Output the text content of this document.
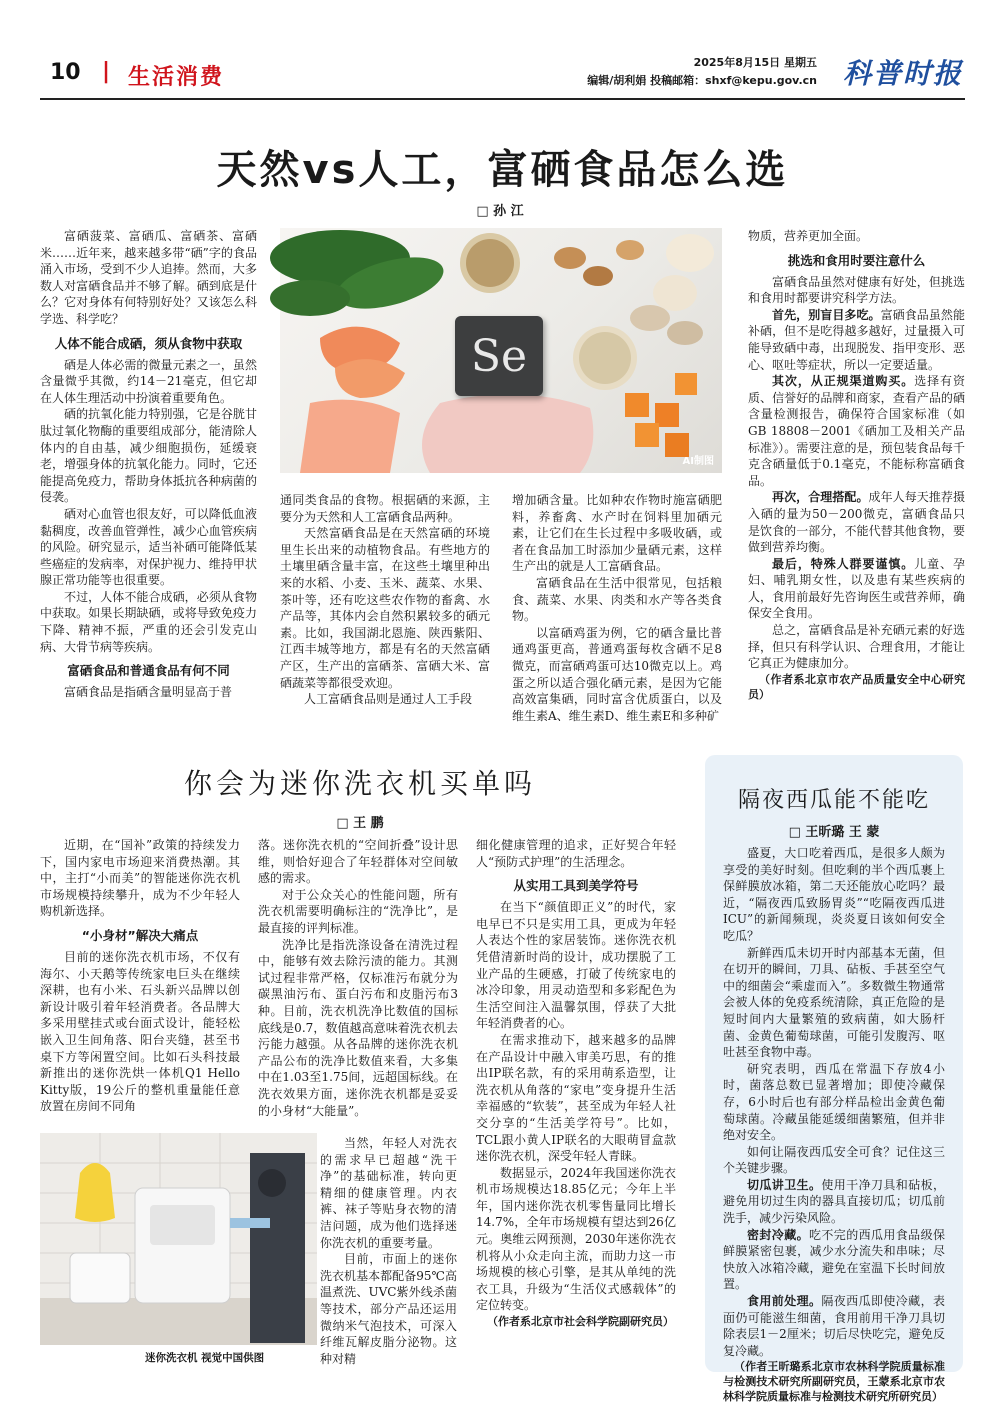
10 | 生活消费
2025年8月15日 星期五
编辑/胡利娟 投稿邮箱：shxf@kepu.gov.cn 科普时报
天然vs人工，富硒食品怎么选
□ 孙 江

富硒菠菜、富硒瓜、富硒茶、富硒米……近年来，越来越多带“硒”字的食品涌入市场，受到不少人追捧。然而，大多数人对富硒食品并不够了解。硒到底是什么？它对身体有何特别好处？又该怎么科学选、科学吃？

人体不能合成硒，须从食物中获取

硒是人体必需的微量元素之一，虽然含量微乎其微，约14－21毫克，但它却在人体生理活动中扮演着重要角色。

硒的抗氧化能力特别强，它是谷胱甘肽过氧化物酶的重要组成部分，能清除人体内的自由基，减少细胞损伤，延缓衰老，增强身体的抗氧化能力。同时，它还能提高免疫力，帮助身体抵抗各种病菌的侵袭。

硒对心血管也很友好，可以降低血液黏稠度，改善血管弹性，减少心血管疾病的风险。研究显示，适当补硒可能降低某些癌症的发病率，对保护视力、维持甲状腺正常功能等也很重要。

不过，人体不能合成硒，必须从食物中获取。如果长期缺硒，或将导致免疫力下降、精神不振，严重的还会引发克山病、大骨节病等疾病。

富硒食品和普通食品有何不同

富硒食品是指硒含量明显高于普

Se
AI制图

通同类食品的食物。根据硒的来源，主要分为天然和人工富硒食品两种。

天然富硒食品是在天然富硒的环境里生长出来的动植物食品。有些地方的土壤里硒含量丰富，在这些土壤里种出来的水稻、小麦、玉米、蔬菜、水果、茶叶等，还有吃这些农作物的畜禽、水产品等，其体内会自然积累较多的硒元素。比如，我国湖北恩施、陕西紫阳、江西丰城等地方，都是有名的天然富硒产区，生产出的富硒茶、富硒大米、富硒蔬菜等都很受欢迎。

人工富硒食品则是通过人工手段

增加硒含量。比如种农作物时施富硒肥料，养畜禽、水产时在饲料里加硒元素，让它们在生长过程中多吸收硒，或者在食品加工时添加少量硒元素，这样生产出的就是人工富硒食品。

富硒食品在生活中很常见，包括粮食、蔬菜、水果、肉类和水产等各类食物。

以富硒鸡蛋为例，它的硒含量比普通鸡蛋更高，普通鸡蛋每枚含硒不足8微克，而富硒鸡蛋可达10微克以上。鸡蛋之所以适合强化硒元素，是因为它能高效富集硒，同时富含优质蛋白，以及维生素A、维生素D、维生素E和多种矿

物质，营养更加全面。

挑选和食用时要注意什么

富硒食品虽然对健康有好处，但挑选和食用时都要讲究科学方法。

首先，别盲目多吃。富硒食品虽然能补硒，但不是吃得越多越好，过量摄入可能导致硒中毒，出现脱发、指甲变形、恶心、呕吐等症状，所以一定要适量。

其次，从正规渠道购买。选择有资质、信誉好的品牌和商家，查看产品的硒含量检测报告，确保符合国家标准（如GB 18808－2001《硒加工及相关产品标准》）。需要注意的是，预包装食品每千克含硒量低于0.1毫克，不能标称富硒食品。

再次，合理搭配。成年人每天推荐摄入硒的量为50－200微克，富硒食品只是饮食的一部分，不能代替其他食物，要做到营养均衡。

最后，特殊人群要谨慎。儿童、孕妇、哺乳期女性，以及患有某些疾病的人，食用前最好先咨询医生或营养师，确保安全食用。

总之，富硒食品是补充硒元素的好选择，但只有科学认识、合理食用，才能让它真正为健康加分。

（作者系北京市农产品质量安全中心研究员）

你会为迷你洗衣机买单吗
□ 王 鹏

近期，在“国补”政策的持续发力下，国内家电市场迎来消费热潮。其中，主打“小而美”的智能迷你洗衣机市场规模持续攀升，成为不少年轻人购机新选择。

“小身材”解决大痛点

目前的迷你洗衣机市场，不仅有海尔、小天鹅等传统家电巨头在继续深耕，也有小米、石头新兴品牌以创新设计吸引着年轻消费者。各品牌大多采用壁挂式或台面式设计，能轻松嵌入卫生间角落、阳台夹缝，甚至书桌下方等闲置空间。比如石头科技最新推出的迷你洗烘一体机Q1 Hello Kitty版，19公斤的整机重量能任意放置在房间不同角

落。迷你洗衣机的“空间折叠”设计思维，则恰好迎合了年轻群体对空间敏感的需求。

对于公众关心的性能问题，所有洗衣机需要明确标注的“洗净比”，是最直接的评判标准。

洗净比是指洗涤设备在清洗过程中，能够有效去除污渍的能力。其测试过程非常严格，仅标准污布就分为碳黑油污布、蛋白污布和皮脂污布3种。目前，洗衣机洗净比数值的国标底线是0.7，数值越高意味着洗衣机去污能力越强。从各品牌的迷你洗衣机产品公布的洗净比数值来看，大多集中在1.03至1.75间，远超国标线。在洗衣效果方面，迷你洗衣机都是妥妥的小身材“大能量”。

当然，年轻人对洗衣的需求早已超越“洗干净”的基础标准，转向更精细的健康管理。内衣裤、袜子等贴身衣物的清洁问题，成为他们选择迷你洗衣机的重要考量。

目前，市面上的迷你洗衣机基本都配备95℃高温煮洗、UVC紫外线杀菌等技术，部分产品还运用微纳米气泡技术，可深入纤维瓦解皮脂分泌物。这种对精

细化健康管理的追求，正好契合年轻人“预防式护理”的生活理念。

从实用工具到美学符号

在当下“颜值即正义”的时代，家电早已不只是实用工具，更成为年轻人表达个性的家居装饰。迷你洗衣机凭借清新时尚的设计，成功摆脱了工业产品的生硬感，打破了传统家电的冰冷印象，用灵动造型和多彩配色为生活空间注入温馨氛围，俘获了大批年轻消费者的心。

在需求推动下，越来越多的品牌在产品设计中融入审美巧思，有的推出IP联名款，有的采用萌系造型，让洗衣机从角落的“家电”变身提升生活幸福感的“软装”，甚至成为年轻人社交分享的“生活美学符号”。比如，TCL跟小黄人IP联名的大眼萌冒盒款迷你洗衣机，深受年轻人青睐。

数据显示，2024年我国迷你洗衣机市场规模达18.85亿元；今年上半年，国内迷你洗衣机零售量同比增长14.7%，全年市场规模有望达到26亿元。奥维云网预测，2030年迷你洗衣机将从小众走向主流，而助力这一市场规模的核心引擎，是其从单纯的洗衣工具，升级为“生活仪式感载体”的定位转变。

（作者系北京市社会科学院副研究员）

迷你洗衣机 视觉中国供图
隔夜西瓜能不能吃
□ 王昕璐 王 蒙

盛夏，大口吃着西瓜，是很多人颇为享受的美好时刻。但吃剩的半个西瓜裹上保鲜膜放冰箱，第二天还能放心吃吗？最近，“隔夜西瓜致肠胃炎”“吃隔夜西瓜进ICU”的新闻频现，炎炎夏日该如何安全吃瓜？

新鲜西瓜未切开时内部基本无菌，但在切开的瞬间，刀具、砧板、手甚至空气中的细菌会“乘虚而入”。多数微生物通常会被人体的免疫系统清除，真正危险的是短时间内大量繁殖的致病菌，如大肠杆菌、金黄色葡萄球菌，可能引发腹泻、呕吐甚至食物中毒。

研究表明，西瓜在常温下存放4小时，菌落总数已显著增加；即使冷藏保存，6小时后也有部分样品检出金黄色葡萄球菌。冷藏虽能延缓细菌繁殖，但并非绝对安全。

如何让隔夜西瓜安全可食？记住这三个关键步骤。

切瓜讲卫生。使用干净刀具和砧板，避免用切过生肉的器具直接切瓜；切瓜前洗手，减少污染风险。

密封冷藏。吃不完的西瓜用食品级保鲜膜紧密包裹，减少水分流失和串味；尽快放入冰箱冷藏，避免在室温下长时间放置。

食用前处理。隔夜西瓜即使冷藏，表面仍可能滋生细菌，食用前用干净刀具切除表层1－2厘米；切后尽快吃完，避免反复冷藏。

（作者王昕璐系北京市农林科学院质量标准与检测技术研究所副研究员，王蒙系北京市农林科学院质量标准与检测技术研究所研究员）
